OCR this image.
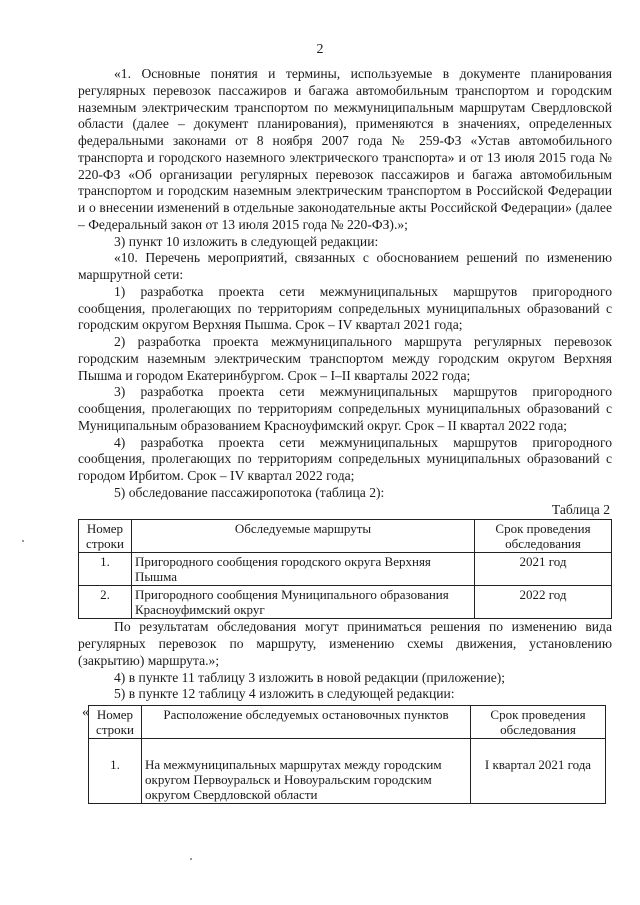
2

«1. Основные понятия и термины, используемые в документе планирования регулярных перевозок пассажиров и багажа автомобильным транспортом и городским наземным электрическим транспортом по межмуниципальным маршрутам Свердловской области (далее – документ планирования), применяются в значениях, определенных федеральными законами от 8 ноября 2007 года № 259-ФЗ «Устав автомобильного транспорта и городского наземного электрического транспорта» и от 13 июля 2015 года № 220-ФЗ «Об организации регулярных перевозок пассажиров и багажа автомобильным транспортом и городским наземным электрическим транспортом в Российской Федерации и о внесении изменений в отдельные законодательные акты Российской Федерации» (далее – Федеральный закон от 13 июля 2015 года № 220-ФЗ).»;

3) пункт 10 изложить в следующей редакции:

«10. Перечень мероприятий, связанных с обоснованием решений по изменению маршрутной сети:

1) разработка проекта сети межмуниципальных маршрутов пригородного сообщения, пролегающих по территориям сопредельных муниципальных образований с городским округом Верхняя Пышма. Срок – IV квартал 2021 года;

2) разработка проекта межмуниципального маршрута регулярных перевозок городским наземным электрическим транспортом между городским округом Верхняя Пышма и городом Екатеринбургом. Срок – I–II кварталы 2022 года;

3) разработка проекта сети межмуниципальных маршрутов пригородного сообщения, пролегающих по территориям сопредельных муниципальных образований с Муниципальным образованием Красноуфимский округ. Срок – II квартал 2022 года;

4) разработка проекта сети межмуниципальных маршрутов пригородного сообщения, пролегающих по территориям сопредельных муниципальных образований с городом Ирбитом. Срок – IV квартал 2022 года;

5) обследование пассажиропотока (таблица 2):

Таблица 2
Номер строки	Обследуемые маршруты	Срок проведения обследования
1.	Пригородного сообщения городского округа Верхняя Пышма	2021 год
2.	Пригородного сообщения Муниципального образования Красноуфимский округ	2022 год

По результатам обследования могут приниматься решения по изменению вида регулярных перевозок по маршруту, изменению схемы движения, установлению (закрытию) маршрута.»;

4) в пункте 11 таблицу 3 изложить в новой редакции (приложение);

5) в пункте 12 таблицу 4 изложить в следующей редакции:

« Номер строки	Расположение обследуемых остановочных пунктов	Срок проведения обследования
1.	На межмуниципальных маршрутах между городским округом Первоуральск и Новоуральским городским округом Свердловской области	I квартал 2021 года
